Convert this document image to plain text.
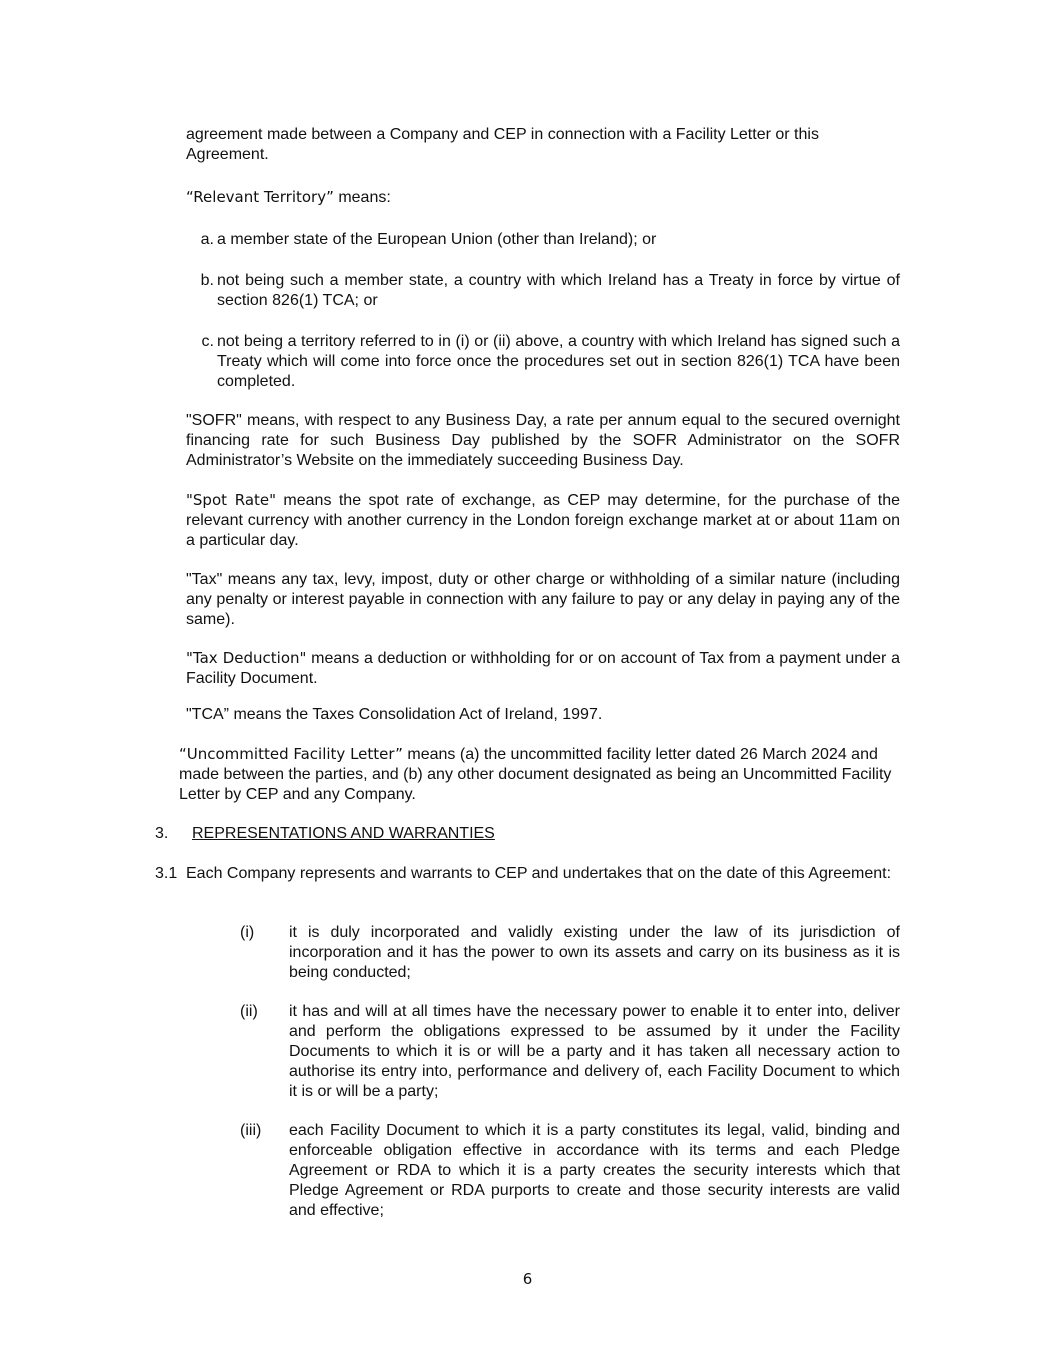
agreement made between a Company and CEP in connection with a Facility Letter or this Agreement.

“Relevant Territory” means:

a. a member state of the European Union (other than Ireland); or
b. not being such a member state, a country with which Ireland has a Treaty in force by virtue of section 826(1) TCA; or
c. not being a territory referred to in (i) or (ii) above, a country with which Ireland has signed such a Treaty which will come into force once the procedures set out in section 826(1) TCA have been completed.

"SOFR" means, with respect to any Business Day, a rate per annum equal to the secured overnight financing rate for such Business Day published by the SOFR Administrator on the SOFR Administrator’s Website on the immediately succeeding Business Day.

"Spot Rate" means the spot rate of exchange, as CEP may determine, for the purchase of the relevant currency with another currency in the London foreign exchange market at or about 11am on a particular day.

"Tax" means any tax, levy, impost, duty or other charge or withholding of a similar nature (including any penalty or interest payable in connection with any failure to pay or any delay in paying any of the same).

"Tax Deduction" means a deduction or withholding for or on account of Tax from a payment under a Facility Document.

"TCA” means the Taxes Consolidation Act of Ireland, 1997.

“Uncommitted Facility Letter” means (a) the uncommitted facility letter dated 26 March 2024 and made between the parties, and (b) any other document designated as being an Uncommitted Facility Letter by CEP and any Company.

3. REPRESENTATIONS AND WARRANTIES
3.1 Each Company represents and warrants to CEP and undertakes that on the date of this Agreement:

(i) it is duly incorporated and validly existing under the law of its jurisdiction of incorporation and it has the power to own its assets and carry on its business as it is being conducted;
(ii) it has and will at all times have the necessary power to enable it to enter into, deliver and perform the obligations expressed to be assumed by it under the Facility Documents to which it is or will be a party and it has taken all necessary action to authorise its entry into, performance and delivery of, each Facility Document to which it is or will be a party;
(iii) each Facility Document to which it is a party constitutes its legal, valid, binding and enforceable obligation effective in accordance with its terms and each Pledge Agreement or RDA to which it is a party creates the security interests which that Pledge Agreement or RDA purports to create and those security interests are valid and effective;
6
